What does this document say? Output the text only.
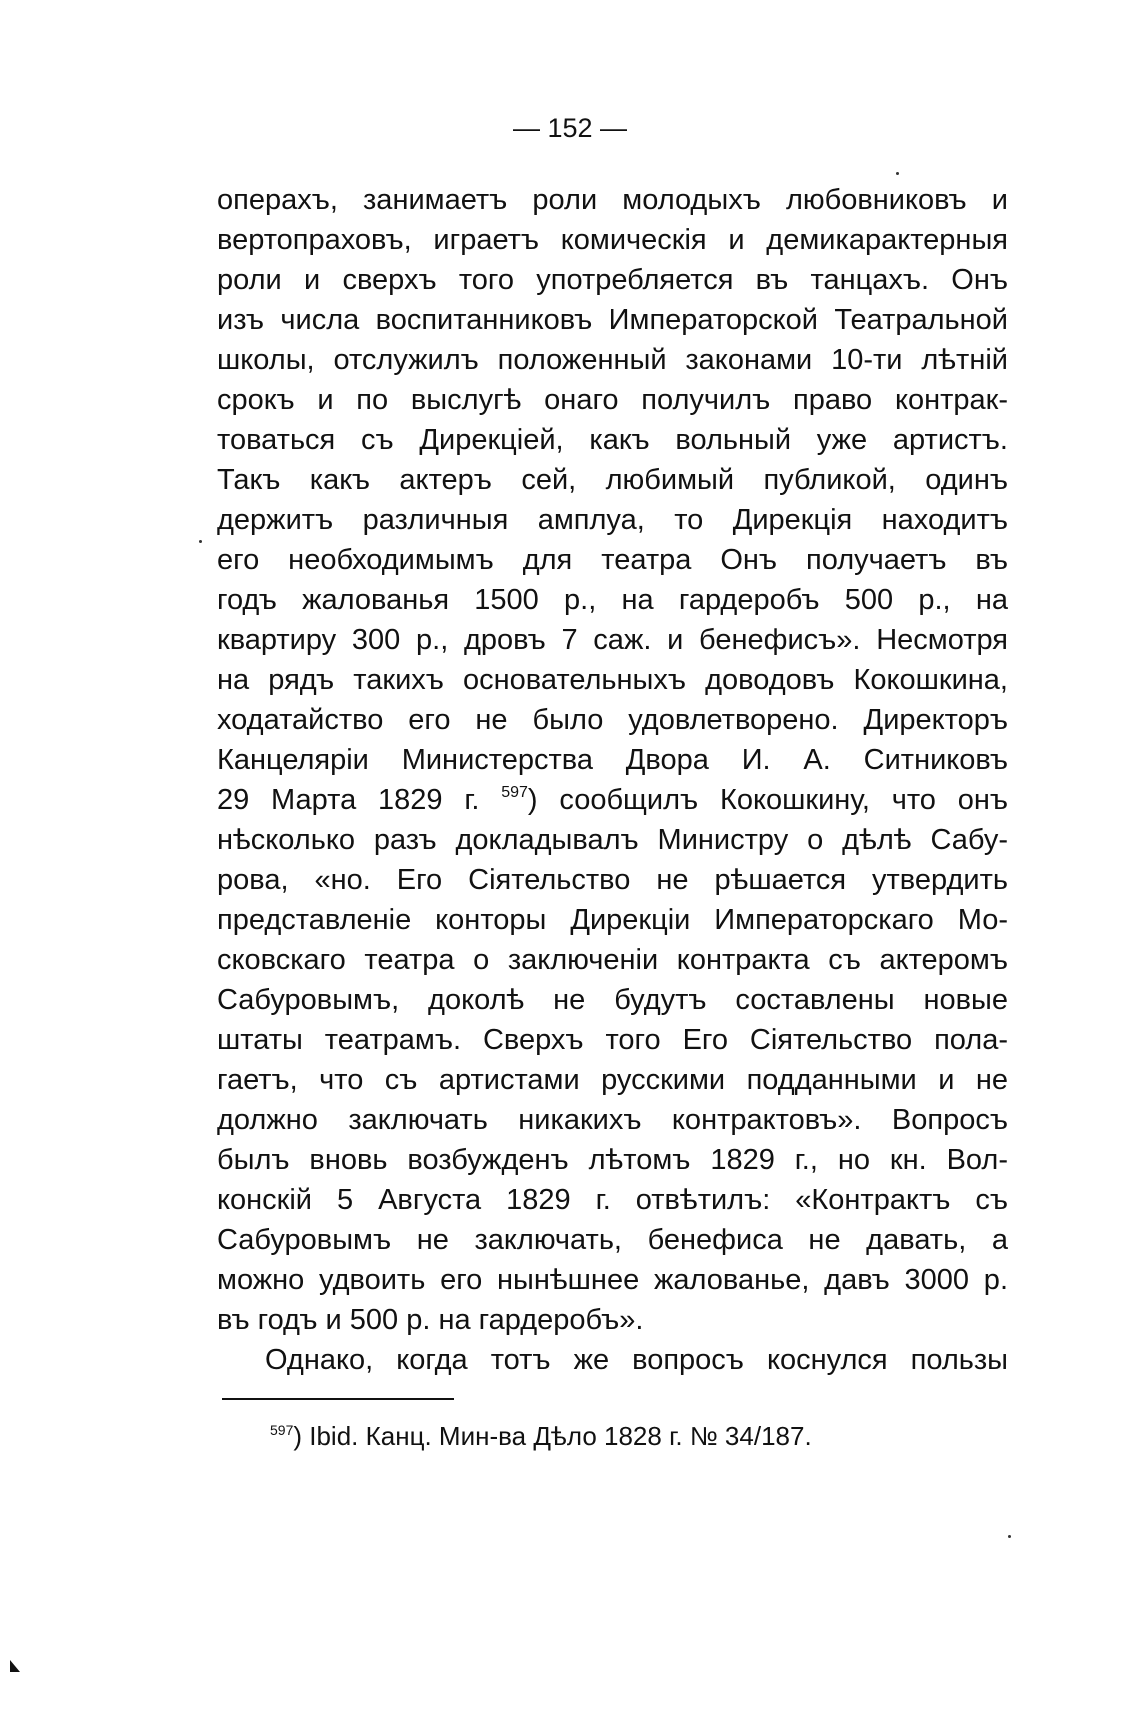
— 152 —
операхъ, занимаетъ роли молодыхъ любовниковъ и
вертопраховъ, играетъ комическія и демикарактерныя
роли и сверхъ того употребляется въ танцахъ. Онъ
изъ числа воспитанниковъ Императорской Театральной
школы, отслужилъ положенный законами 10-ти лѣтній
срокъ и по выслугѣ онаго получилъ право контрак-
товаться съ Дирекціей, какъ вольный уже артистъ.
Такъ какъ актеръ сей, любимый публикой, одинъ
держитъ различныя амплуа, то Дирекція находитъ
его необходимымъ для театра Онъ получаетъ въ
годъ жалованья 1500 р., на гардеробъ 500 р., на
квартиру 300 р., дровъ 7 саж. и бенефисъ». Несмотря
на рядъ такихъ основательныхъ доводовъ Кокошкина,
ходатайство его не было удовлетворено. Директоръ
Канцеляріи Министерства Двора И. А. Ситниковъ
29 Марта 1829 г. $^{597}$) сообщилъ Кокошкину, что онъ
нѣсколько разъ докладывалъ Министру о дѣлѣ Сабу-
рова, «но. Его Сіятельство не рѣшается утвердить
представленіе конторы Дирекціи Императорскаго Мо-
сковскаго театра о заключеніи контракта съ актеромъ
Сабуровымъ, доколѣ не будутъ составлены новые
штаты театрамъ. Сверхъ того Его Сіятельство пола-
гаетъ, что съ артистами русскими подданными и не
должно заключать никакихъ контрактовъ». Вопросъ
былъ вновь возбужденъ лѣтомъ 1829 г., но кн. Вол-
конскій 5 Августа 1829 г. отвѣтилъ: «Контрактъ съ
Сабуровымъ не заключать, бенефиса не давать, а
можно удвоить его нынѣшнее жалованье, давъ 3000 р.
въ годъ и 500 р. на гардеробъ».
Однако, когда тотъ же вопросъ коснулся пользы
$^{597}$) Ibid. Канц. Мин-ва Дѣло 1828 г. № 34/187.
